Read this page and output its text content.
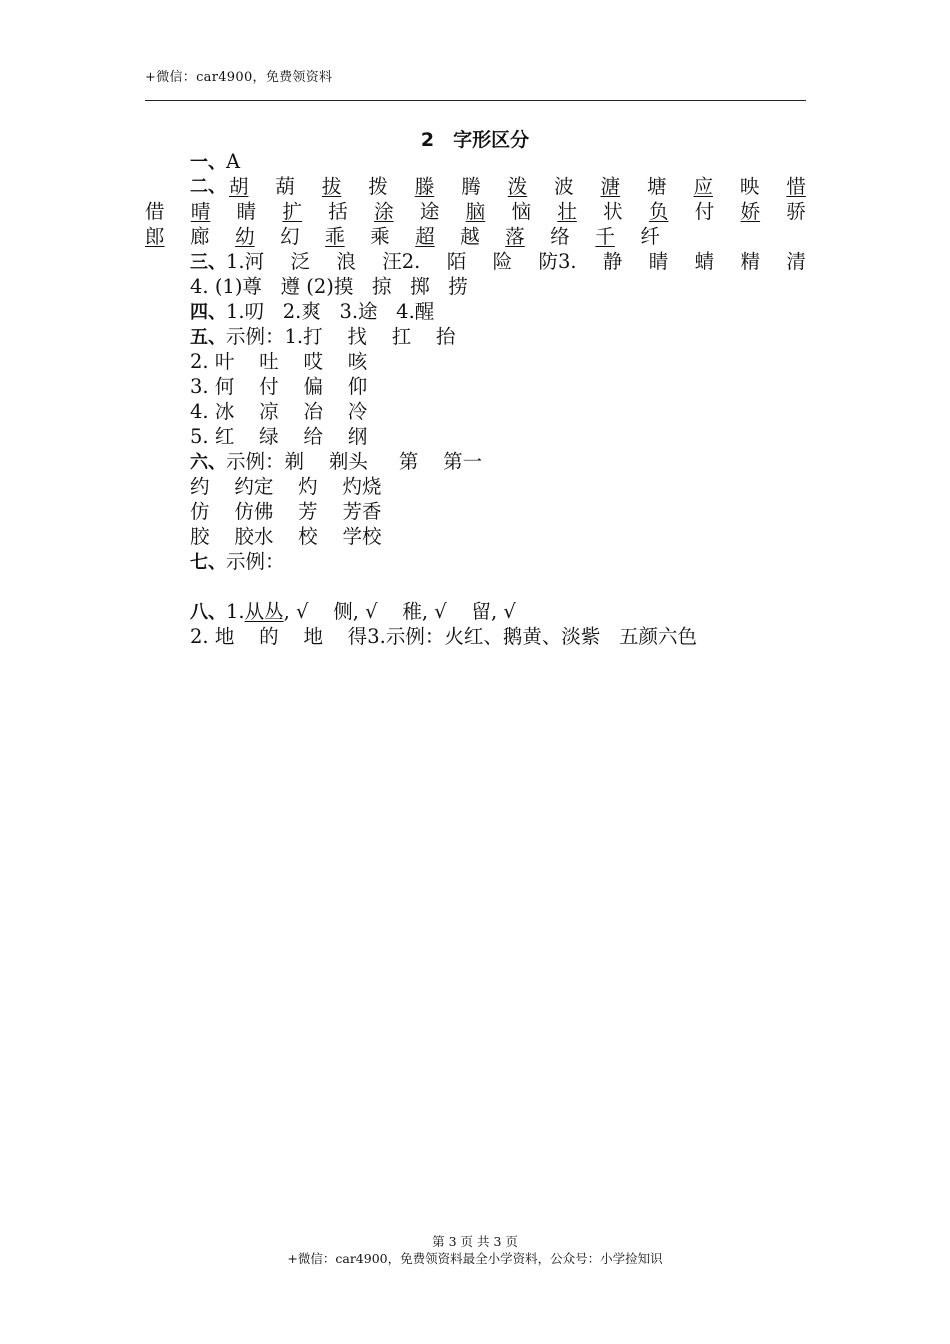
+微信：car4900，免费领资料
2　字形区分
一、A
二、 胡 葫 拔 拨 滕 腾 泼 波 溏 塘 应 映 惜
借 晴 睛 扩 括 涂 途 脑 恼 壮 状 负 付 娇 骄
郎 廊 幼 幻 乖 乘 超 越 落 络 千 纤
三、1.河 泛 浪 汪2. 陌 险 防3. 静 睛 蜻 精 清
4. (1)尊 遵 (2)摸 掠 掷 捞
四、1.叨 2.爽 3.途 4.醒
五、示例：1.打 找 扛 抬
2. 叶 吐 哎 咳
3. 何 付 偏 仰
4. 冰 凉 冶 冷
5. 红 绿 给 纲
六、示例：剃 剃头 第 第一
约 约定 灼 灼烧
仿 仿佛 芳 芳香
胶 胶水 校 学校
七、示例：
八、1.从丛, √ 侧, √ 稚, √ 留, √
2. 地 的 地 得3.示例：火红、鹅黄、淡紫 五颜六色
第 3 页 共 3 页
+微信：car4900，免费领资料最全小学资料，公众号：小学捡知识
